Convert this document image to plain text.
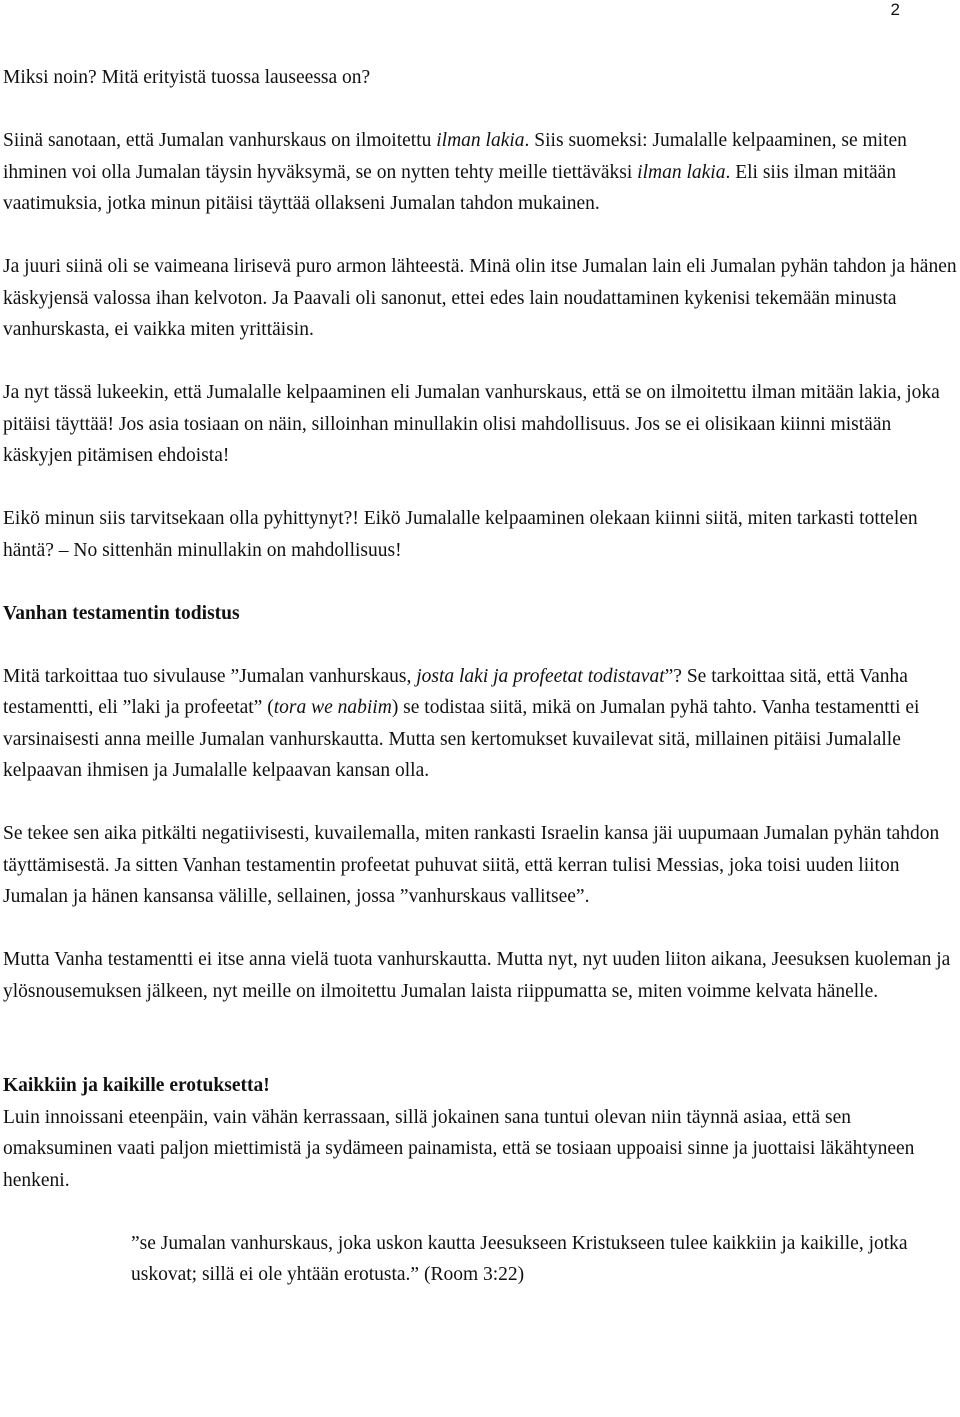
2

Miksi noin? Mitä erityistä tuossa lauseessa on?

Siinä sanotaan, että Jumalan vanhurskaus on ilmoitettu ilman lakia. Siis suomeksi: Jumalalle kelpaaminen, se miten ihminen voi olla Jumalan täysin hyväksymä, se on nytten tehty meille tiettäväksi ilman lakia. Eli siis ilman mitään vaatimuksia, jotka minun pitäisi täyttää ollakseni Jumalan tahdon mukainen.

Ja juuri siinä oli se vaimeana lirisevä puro armon lähteestä. Minä olin itse Jumalan lain eli Jumalan pyhän tahdon ja hänen käskyjensä valossa ihan kelvoton. Ja Paavali oli sanonut, ettei edes lain noudattaminen kykenisi tekemään minusta vanhurskasta, ei vaikka miten yrittäisin.

Ja nyt tässä lukeekin, että Jumalalle kelpaaminen eli Jumalan vanhurskaus, että se on ilmoitettu ilman mitään lakia, joka pitäisi täyttää! Jos asia tosiaan on näin, silloinhan minullakin olisi mahdollisuus. Jos se ei olisikaan kiinni mistään käskyjen pitämisen ehdoista!

Eikö minun siis tarvitsekaan olla pyhittynyt?! Eikö Jumalalle kelpaaminen olekaan kiinni siitä, miten tarkasti tottelen häntä? – No sittenhän minullakin on mahdollisuus!

Vanhan testamentin todistus

Mitä tarkoittaa tuo sivulause ”Jumalan vanhurskaus, josta laki ja profeetat todistavat”? Se tarkoittaa sitä, että Vanha testamentti, eli ”laki ja profeetat” (tora we nabiim) se todistaa siitä, mikä on Jumalan pyhä tahto. Vanha testamentti ei varsinaisesti anna meille Jumalan vanhurskautta. Mutta sen kertomukset kuvailevat sitä, millainen pitäisi Jumalalle kelpaavan ihmisen ja Jumalalle kelpaavan kansan olla.

Se tekee sen aika pitkälti negatiivisesti, kuvailemalla, miten rankasti Israelin kansa jäi uupumaan Jumalan pyhän tahdon täyttämisestä. Ja sitten Vanhan testamentin profeetat puhuvat siitä, että kerran tulisi Messias, joka toisi uuden liiton Jumalan ja hänen kansansa välille, sellainen, jossa ”vanhurskaus vallitsee”.

Mutta Vanha testamentti ei itse anna vielä tuota vanhurskautta. Mutta nyt, nyt uuden liiton aikana, Jeesuksen kuoleman ja ylösnousemuksen jälkeen, nyt meille on ilmoitettu Jumalan laista riippumatta se, miten voimme kelvata hänelle.

Kaikkiin ja kaikille erotuksetta!

Luin innoissani eteenpäin, vain vähän kerrassaan, sillä jokainen sana tuntui olevan niin täynnä asiaa, että sen omaksuminen vaati paljon miettimistä ja sydämeen painamista, että se tosiaan uppoaisi sinne ja juottaisi läkähtyneen henkeni.

”se Jumalan vanhurskaus, joka uskon kautta Jeesukseen Kristukseen tulee kaikkiin ja kaikille, jotka uskovat; sillä ei ole yhtään erotusta.” (Room 3:22)
